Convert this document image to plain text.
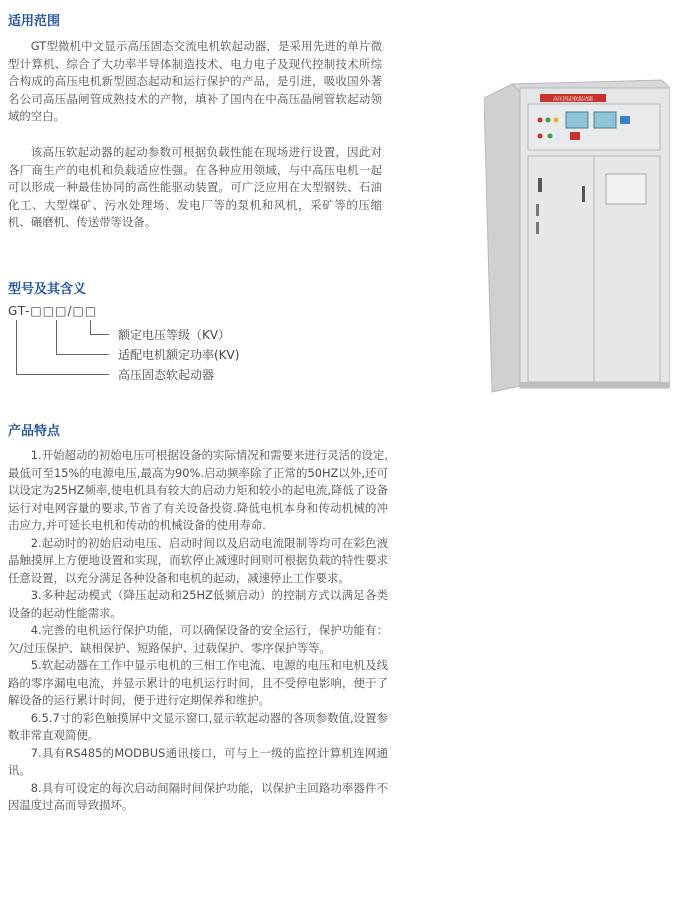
适用范围

GT型微机中文显示高压固态交流电机软起动器，是采用先进的单片微型计算机、综合了大功率半导体制造技术、电力电子及现代控制技术所综合构成的高压电机新型固态起动和运行保护的产品，是引进，吸收国外著名公司高压晶闸管成熟技术的产物，填补了国内在中高压晶闸管软起动领域的空白。

该高压软起动器的起动参数可根据负载性能在现场进行设置，因此对各厂商生产的电机和负载适应性强。在各种应用领域，与中高压电机一起可以形成一种最佳协同的高性能驱动装置。可广泛应用在大型钢铁、石油化工、大型煤矿、污水处理场、发电厂等的泵机和风机，采矿等的压缩机、碾磨机、传送带等设备。

型号及其含义
GT-□□□/□□
额定电压等级（KV）
适配电机额定功率(KV)
高压固态软起动器
产品特点

1.开始超动的初始电压可根据设备的实际情况和需要来进行灵活的设定,最低可至15%的电源电压,最高为90%.启动频率除了正常的50HZ以外,还可以设定为25HZ频率,使电机具有较大的启动力矩和较小的起电流,降低了设备运行对电网容量的要求,节省了有关设备投资.降低电机本身和传动机械的冲击应力,并可延长电机和传动的机械设备的使用寿命.

2.起动时的初始启动电压、启动时间以及启动电流限制等均可在彩色液晶触摸屏上方便地设置和实现，而软停止减速时间则可根据负载的特性要求任意设置，以充分满足各种设备和电机的起动，减速停止工作要求。

3.多种起动模式（降压起动和25HZ低频启动）的控制方式以满足各类设备的起动性能需求。

4.完善的电机运行保护功能，可以确保设备的安全运行，保护功能有：欠/过压保护、缺相保护、短路保护、过载保护、零序保护等等。

5.软起动器在工作中显示电机的三相工作电流、电源的电压和电机及线路的零序漏电电流，并显示累计的电机运行时间，且不受停电影响，便于了解设备的运行累计时间，便于进行定期保养和维护。

6.5.7寸的彩色触摸屏中文显示窗口,显示软起动器的各项参数值,设置参数非常直观简便。

7.具有RS485的MODBUS通讯接口，可与上一级的监控计算机连网通讯。

8.具有可设定的每次启动间隔时间保护功能，以保护主回路功率器件不因温度过高而导致损坏。

高压固态软起动器
